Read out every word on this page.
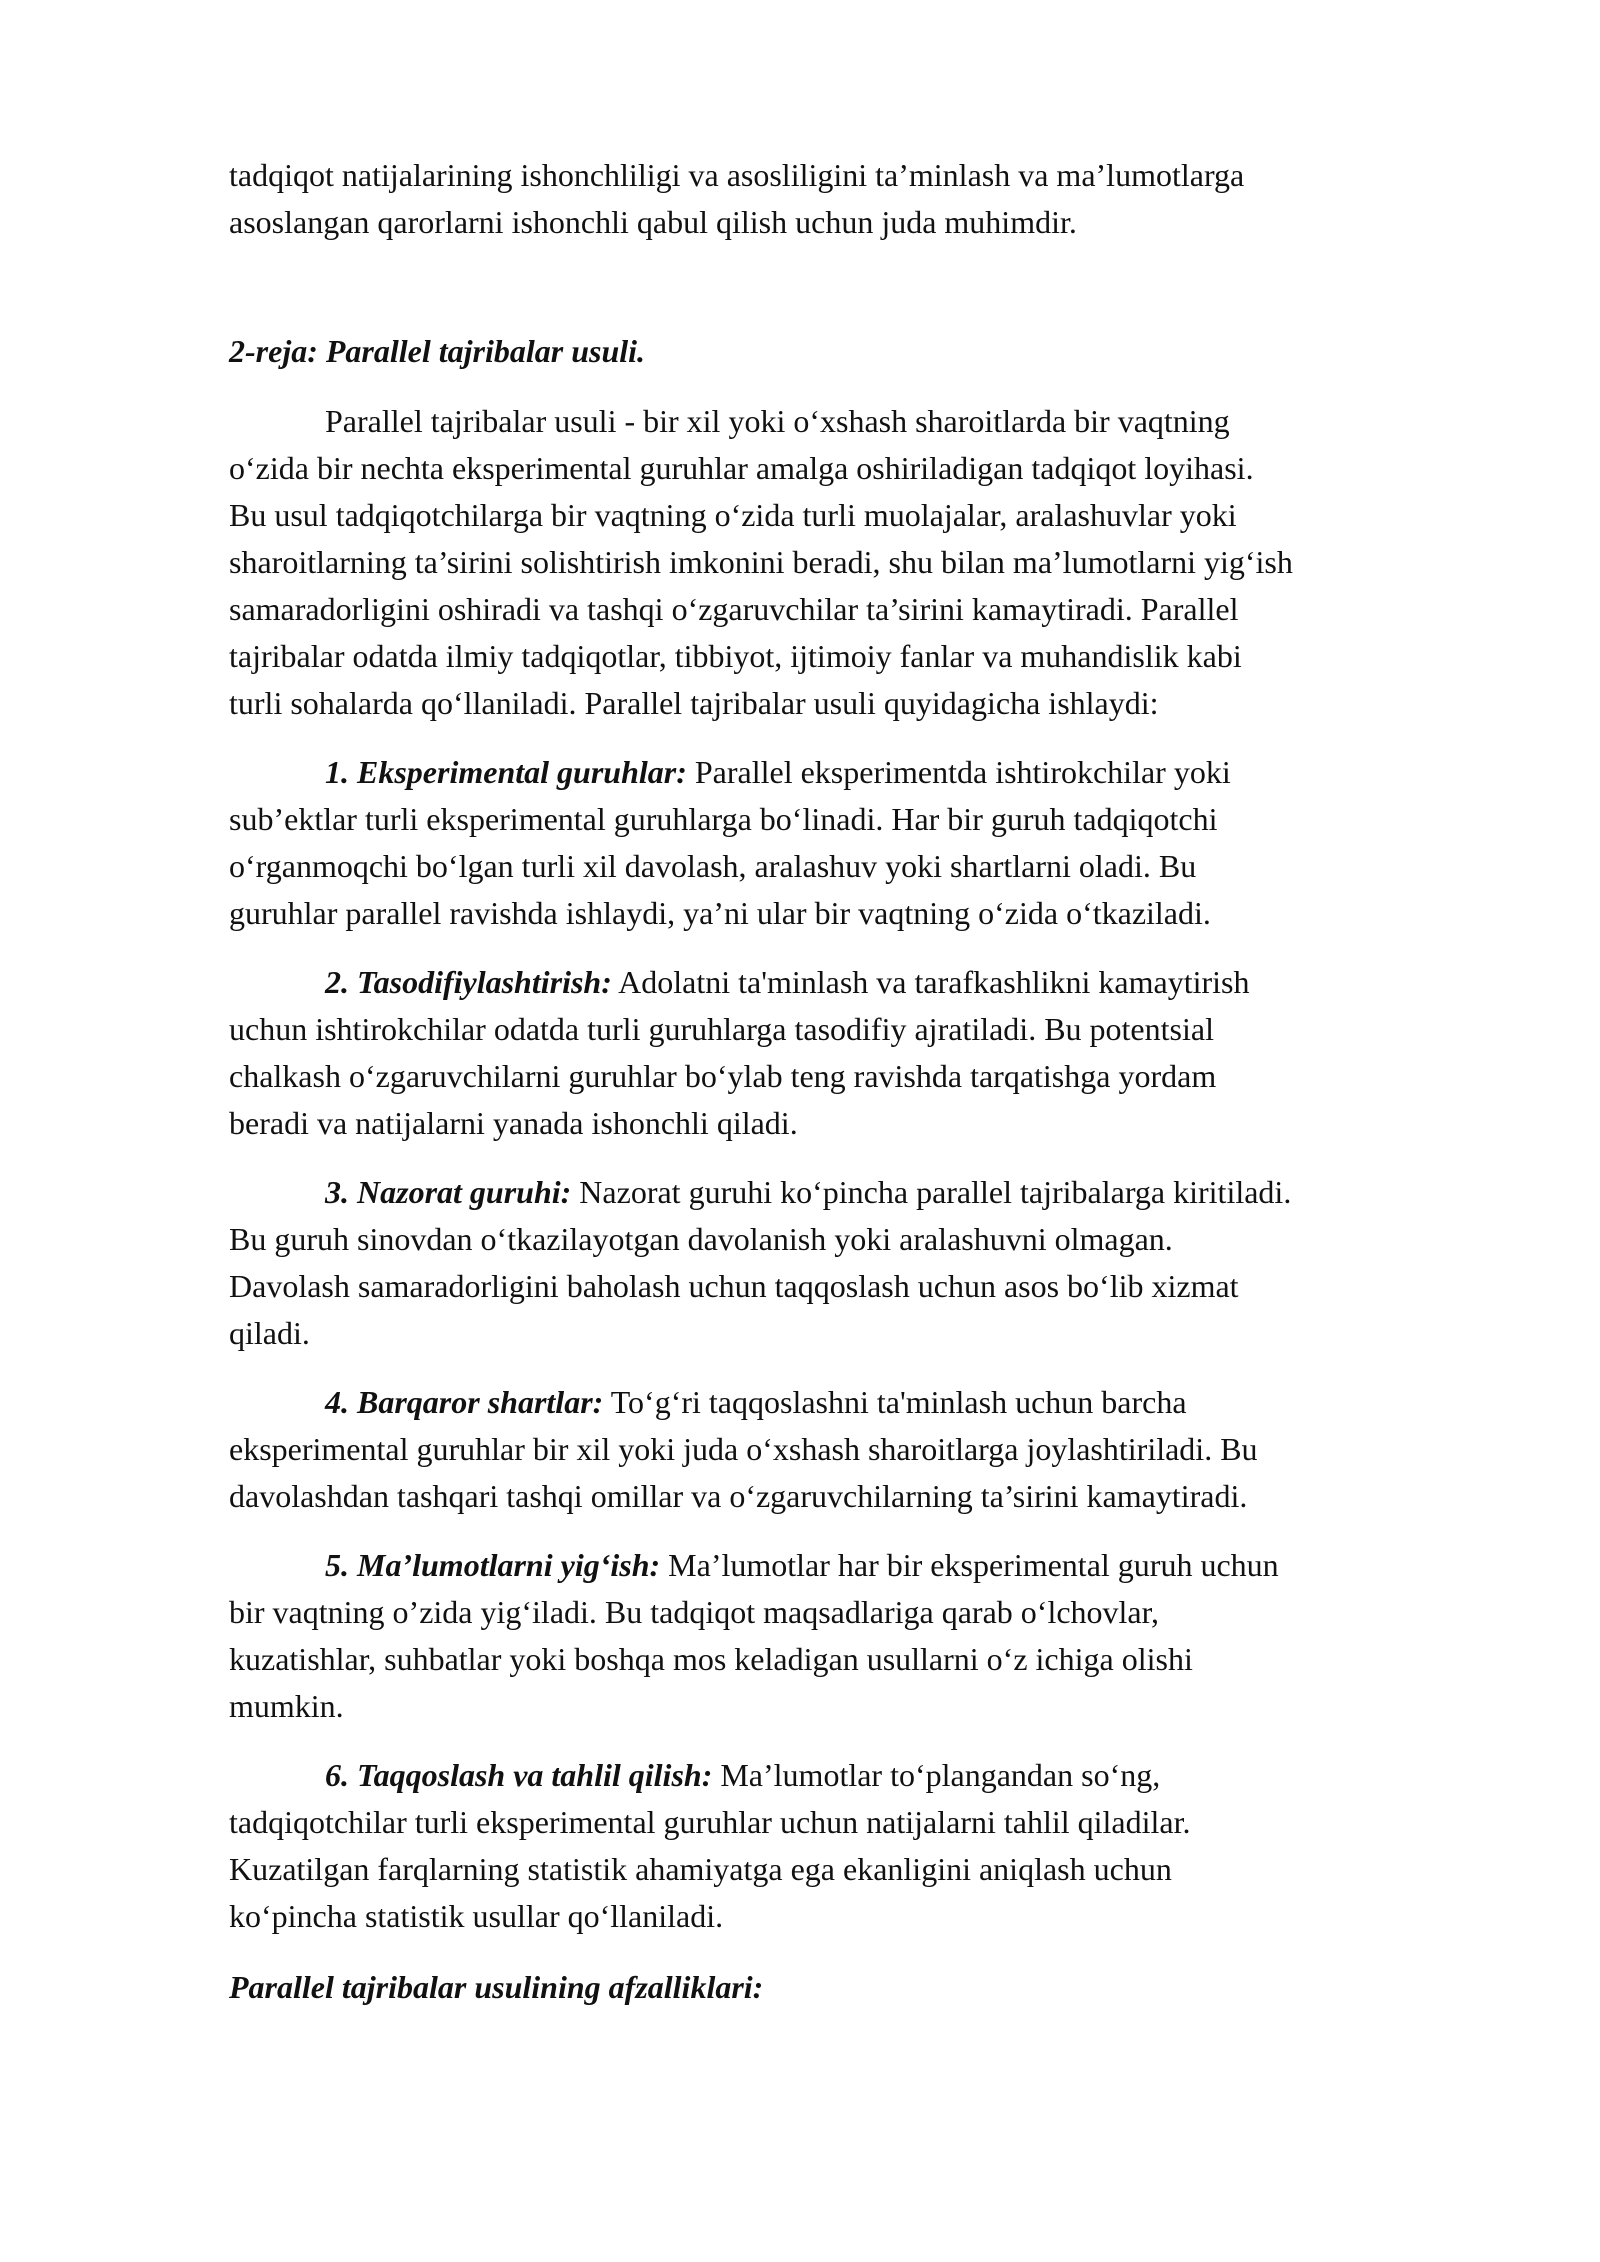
tadqiqot natijalarining ishonchliligi va asosliligini ta’minlash va ma’lumotlarga
asoslangan qarorlarni ishonchli qabul qilish uchun juda muhimdir.
2-reja: Parallel tajribalar usuli.
Parallel tajribalar usuli - bir xil yoki o‘xshash sharoitlarda bir vaqtning
o‘zida bir nechta eksperimental guruhlar amalga oshiriladigan tadqiqot loyihasi.
Bu usul tadqiqotchilarga bir vaqtning o‘zida turli muolajalar, aralashuvlar yoki
sharoitlarning ta’sirini solishtirish imkonini beradi, shu bilan ma’lumotlarni yig‘ish
samaradorligini oshiradi va tashqi o‘zgaruvchilar ta’sirini kamaytiradi. Parallel
tajribalar odatda ilmiy tadqiqotlar, tibbiyot, ijtimoiy fanlar va muhandislik kabi
turli sohalarda qo‘llaniladi. Parallel tajribalar usuli quyidagicha ishlaydi:
1. Eksperimental guruhlar: Parallel eksperimentda ishtirokchilar yoki
sub’ektlar turli eksperimental guruhlarga bo‘linadi. Har bir guruh tadqiqotchi
o‘rganmoqchi bo‘lgan turli xil davolash, aralashuv yoki shartlarni oladi. Bu
guruhlar parallel ravishda ishlaydi, ya’ni ular bir vaqtning o‘zida o‘tkaziladi.
2. Tasodifiylashtirish: Adolatni ta'minlash va tarafkashlikni kamaytirish
uchun ishtirokchilar odatda turli guruhlarga tasodifiy ajratiladi. Bu potentsial
chalkash o‘zgaruvchilarni guruhlar bo‘ylab teng ravishda tarqatishga yordam
beradi va natijalarni yanada ishonchli qiladi.
3. Nazorat guruhi: Nazorat guruhi ko‘pincha parallel tajribalarga kiritiladi.
Bu guruh sinovdan o‘tkazilayotgan davolanish yoki aralashuvni olmagan.
Davolash samaradorligini baholash uchun taqqoslash uchun asos bo‘lib xizmat
qiladi.
4. Barqaror shartlar: To‘g‘ri taqqoslashni ta'minlash uchun barcha
eksperimental guruhlar bir xil yoki juda o‘xshash sharoitlarga joylashtiriladi. Bu
davolashdan tashqari tashqi omillar va o‘zgaruvchilarning ta’sirini kamaytiradi.
5. Ma’lumotlarni yig‘ish: Ma’lumotlar har bir eksperimental guruh uchun
bir vaqtning o’zida yig‘iladi. Bu tadqiqot maqsadlariga qarab o‘lchovlar,
kuzatishlar, suhbatlar yoki boshqa mos keladigan usullarni o‘z ichiga olishi
mumkin.
6. Taqqoslash va tahlil qilish: Ma’lumotlar to‘plangandan so‘ng,
tadqiqotchilar turli eksperimental guruhlar uchun natijalarni tahlil qiladilar.
Kuzatilgan farqlarning statistik ahamiyatga ega ekanligini aniqlash uchun
ko‘pincha statistik usullar qo‘llaniladi.
Parallel tajribalar usulining afzalliklari:
